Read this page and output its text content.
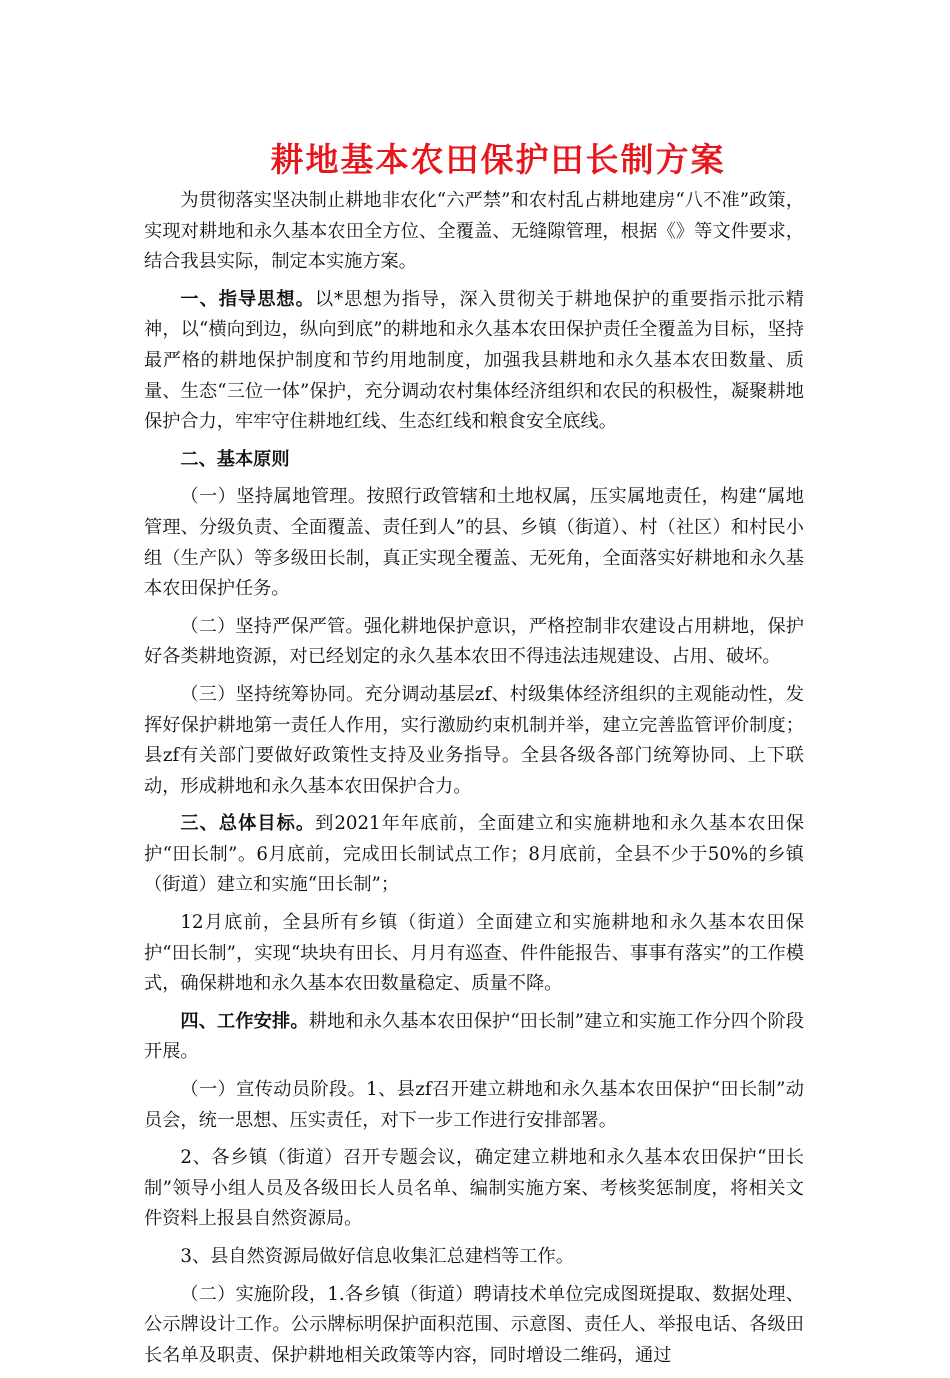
耕地基本农田保护田长制方案

为贯彻落实坚决制止耕地非农化“六严禁”和农村乱占耕地建房“八不准”政策，实现对耕地和永久基本农田全方位、全覆盖、无缝隙管理，根据《》等文件要求，结合我县实际，制定本实施方案。

一、指导思想。以*思想为指导，深入贯彻关于耕地保护的重要指示批示精神，以“横向到边，纵向到底”的耕地和永久基本农田保护责任全覆盖为目标，坚持最严格的耕地保护制度和节约用地制度，加强我县耕地和永久基本农田数量、质量、生态“三位一体”保护，充分调动农村集体经济组织和农民的积极性，凝聚耕地保护合力，牢牢守住耕地红线、生态红线和粮食安全底线。

二、基本原则

（一）坚持属地管理。按照行政管辖和土地权属，压实属地责任，构建“属地管理、分级负责、全面覆盖、责任到人”的县、乡镇（街道）、村（社区）和村民小组（生产队）等多级田长制，真正实现全覆盖、无死角，全面落实好耕地和永久基本农田保护任务。

（二）坚持严保严管。强化耕地保护意识，严格控制非农建设占用耕地，保护好各类耕地资源，对已经划定的永久基本农田不得违法违规建设、占用、破坏。

（三）坚持统筹协同。充分调动基层zf、村级集体经济组织的主观能动性，发挥好保护耕地第一责任人作用，实行激励约束机制并举，建立完善监管评价制度；县zf有关部门要做好政策性支持及业务指导。全县各级各部门统筹协同、上下联动，形成耕地和永久基本农田保护合力。

三、总体目标。到2021年年底前，全面建立和实施耕地和永久基本农田保护“田长制”。6月底前，完成田长制试点工作；8月底前，全县不少于50%的乡镇（街道）建立和实施“田长制”；

12月底前，全县所有乡镇（街道）全面建立和实施耕地和永久基本农田保护“田长制”，实现“块块有田长、月月有巡查、件件能报告、事事有落实”的工作模式，确保耕地和永久基本农田数量稳定、质量不降。

四、工作安排。耕地和永久基本农田保护“田长制”建立和实施工作分四个阶段开展。

（一）宣传动员阶段。1、县zf召开建立耕地和永久基本农田保护“田长制”动员会，统一思想、压实责任，对下一步工作进行安排部署。

2、各乡镇（街道）召开专题会议，确定建立耕地和永久基本农田保护“田长制”领导小组人员及各级田长人员名单、编制实施方案、考核奖惩制度，将相关文件资料上报县自然资源局。

3、县自然资源局做好信息收集汇总建档等工作。

（二）实施阶段，1.各乡镇（街道）聘请技术单位完成图斑提取、数据处理、公示牌设计工作。公示牌标明保护面积范围、示意图、责任人、举报电话、各级田长名单及职责、保护耕地相关政策等内容，同时增设二维码，通过
